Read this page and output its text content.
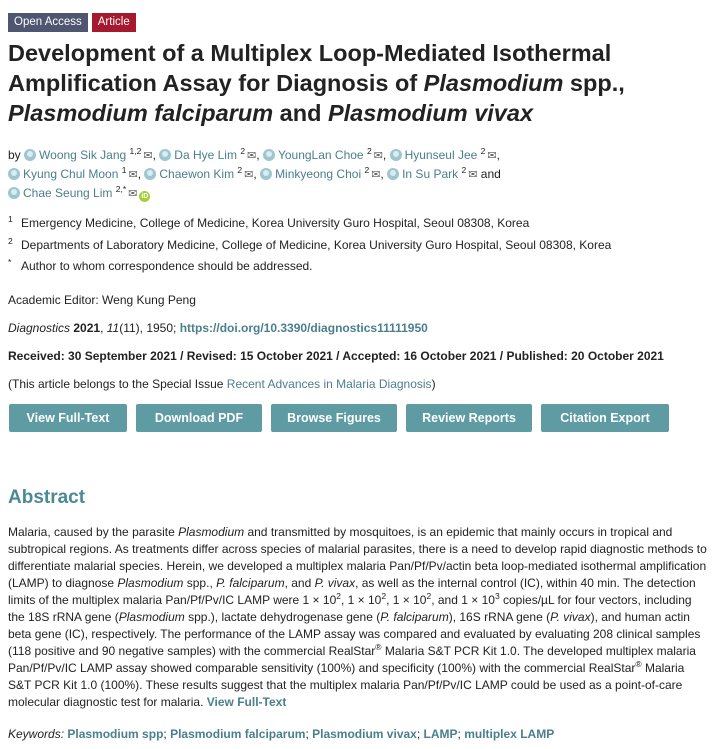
Open Access	Article
Development of a Multiplex Loop-Mediated Isothermal Amplification Assay for Diagnosis of Plasmodium spp., Plasmodium falciparum and Plasmodium vivax
by Woong Sik Jang $^{1,2}$ ✉, Da Hye Lim $^2$ ✉, YoungLan Choe $^2$ ✉, Hyunseul Jee $^2$ ✉,
Kyung Chul Moon $^1$ ✉, Chaewon Kim $^2$ ✉, Minkyeong Choi $^2$ ✉, In Su Park $^2$ ✉ and
Chae Seung Lim $^{2,*}$ ✉ iD
1 Emergency Medicine, College of Medicine, Korea University Guro Hospital, Seoul 08308, Korea
2 Departments of Laboratory Medicine, College of Medicine, Korea University Guro Hospital, Seoul 08308, Korea
* Author to whom correspondence should be addressed.
Academic Editor: Weng Kung Peng
Diagnostics 2021, 11(11), 1950; https://doi.org/10.3390/diagnostics11111950
Received: 30 September 2021 / Revised: 15 October 2021 / Accepted: 16 October 2021 / Published: 20 October 2021
(This article belongs to the Special Issue Recent Advances in Malaria Diagnosis)
View Full-Text	Download PDF	Browse Figures	Review Reports	Citation Export
Abstract
Malaria, caused by the parasite Plasmodium and transmitted by mosquitoes, is an epidemic that mainly occurs in tropical and subtropical regions. As treatments differ across species of malarial parasites, there is a need to develop rapid diagnostic methods to differentiate malarial species. Herein, we developed a multiplex malaria Pan/Pf/Pv/actin beta loop-mediated isothermal amplification (LAMP) to diagnose Plasmodium spp., P. falciparum, and P. vivax, as well as the internal control (IC), within 40 min. The detection limits of the multiplex malaria Pan/Pf/Pv/IC LAMP were $1 \times 10^2$, $1 \times 10^2$, $1 \times 10^2$, and $1 \times 10^3$ copies/µL for four vectors, including the 18S rRNA gene (Plasmodium spp.), lactate dehydrogenase gene (P. falciparum), 16S rRNA gene (P. vivax), and human actin beta gene (IC), respectively. The performance of the LAMP assay was compared and evaluated by evaluating 208 clinical samples (118 positive and 90 negative samples) with the commercial RealStar® Malaria S&T PCR Kit 1.0. The developed multiplex malaria Pan/Pf/Pv/IC LAMP assay showed comparable sensitivity (100%) and specificity (100%) with the commercial RealStar® Malaria S&T PCR Kit 1.0 (100%). These results suggest that the multiplex malaria Pan/Pf/Pv/IC LAMP could be used as a point-of-care molecular diagnostic test for malaria. View Full-Text
Keywords: Plasmodium spp; Plasmodium falciparum; Plasmodium vivax; LAMP; multiplex LAMP
